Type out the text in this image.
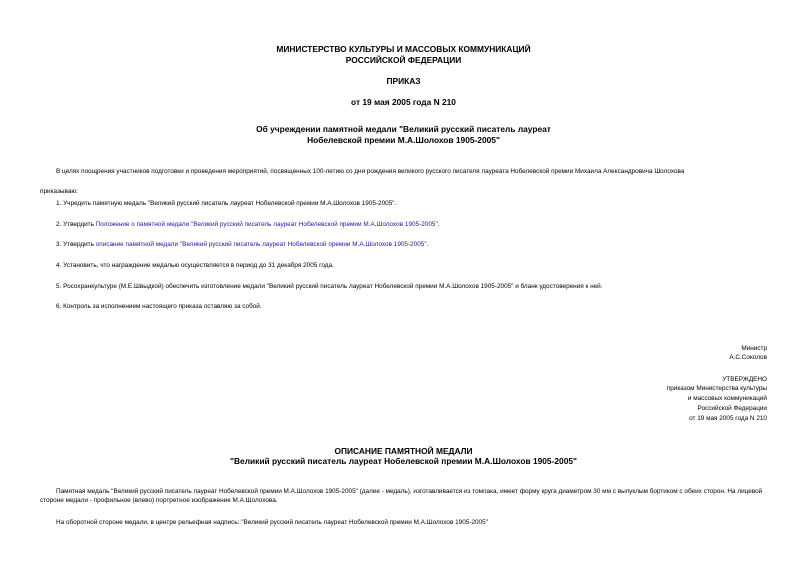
МИНИСТЕРСТВО КУЛЬТУРЫ И МАССОВЫХ КОММУНИКАЦИЙ
РОССИЙСКОЙ ФЕДЕРАЦИИ
ПРИКАЗ
от 19 мая 2005 года N 210
Об учреждении памятной медали "Великий русский писатель лауреат
Нобелевской премии М.А.Шолохов 1905-2005"
В целях поощрения участников подготовки и проведения мероприятий, посвященных 100-летию со дня рождения великого русского писателя лауреата Нобелевской премии Михаила Александровича Шолохова
приказываю:
1. Учредить памятную медаль "Великий русский писатель лауреат Нобелевской премии М.А.Шолохов 1905-2005".
2. Утвердить Положение о памятной медали "Великий русский писатель лауреат Нобелевской премии М.А.Шолохов 1905-2005".
3. Утвердить описание памятной медали "Великий русский писатель лауреат Нобелевской премии М.А.Шолохов 1905-2005".
4. Установить, что награждение медалью осуществляется в период до 31 декабря 2005 года.
5. Росохранкультуре (М.Е.Швыдкой) обеспечить изготовление медали "Великий русский писатель лауреат Нобелевской премии М.А.Шолохов 1905-2005" и бланк удостоверения к ней.
6. Контроль за исполнением настоящего приказа оставляю за собой.
Министр
А.С.Соколов
УТВЕРЖДЕНО
приказом Министерства культуры
и массовых коммуникаций
Российской Федерации
от 19 мая 2005 года N 210
ОПИСАНИЕ ПАМЯТНОЙ МЕДАЛИ
"Великий русский писатель лауреат Нобелевской премии М.А.Шолохов 1905-2005"
Памятная медаль "Великий русский писатель лауреат Нобелевской премии М.А.Шолохов 1905-2005" (далее - медаль), изготавливается из томпака, имеет форму круга диаметром 30 мм с выпуклым бортиком с обеих сторон. На лицевой стороне медали - профильное (влево) портретное изображение М.А.Шолохова.
На оборотной стороне медали, в центре рельефная надпись: "Великий русский писатель лауреат Нобелевской премии М.А.Шолохов 1905-2005"
